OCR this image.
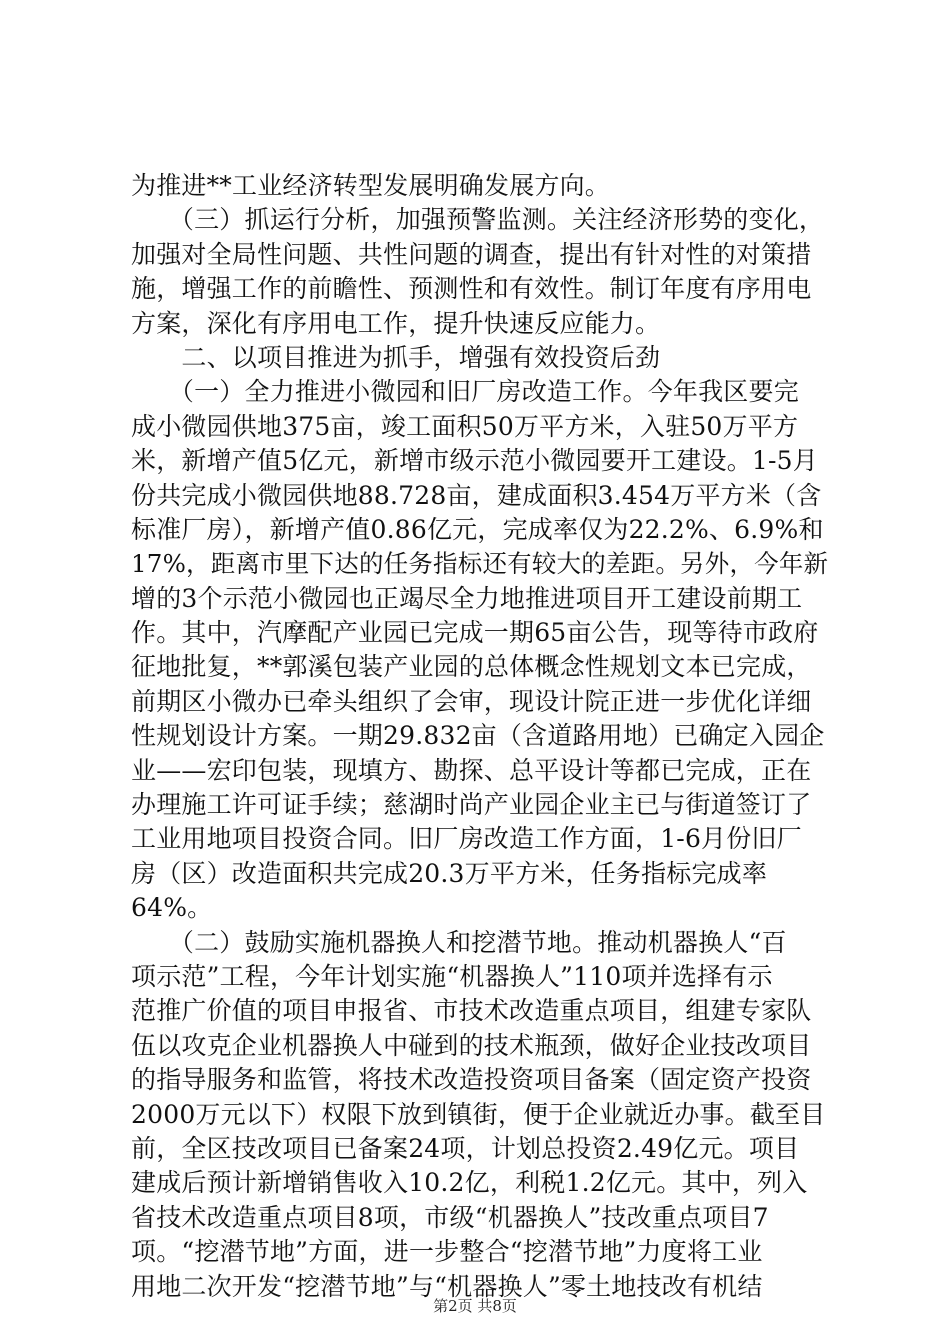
为推进**工业经济转型发展明确发展方向。
　　（三）抓运行分析，加强预警监测。关注经济形势的变化，
加强对全局性问题、共性问题的调查，提出有针对性的对策措
施，增强工作的前瞻性、预测性和有效性。制订年度有序用电
方案，深化有序用电工作，提升快速反应能力。
　　二、以项目推进为抓手，增强有效投资后劲
　　（一）全力推进小微园和旧厂房改造工作。今年我区要完
成小微园供地375亩，竣工面积50万平方米，入驻50万平方
米，新增产值5亿元，新增市级示范小微园要开工建设。1-5月
份共完成小微园供地88.728亩，建成面积3.454万平方米（含
标准厂房），新增产值0.86亿元，完成率仅为22.2%、6.9%和
17%，距离市里下达的任务指标还有较大的差距。另外，今年新
增的3个示范小微园也正竭尽全力地推进项目开工建设前期工
作。其中，汽摩配产业园已完成一期65亩公告，现等待市政府
征地批复，**郭溪包装产业园的总体概念性规划文本已完成，
前期区小微办已牵头组织了会审，现设计院正进一步优化详细
性规划设计方案。一期29.832亩（含道路用地）已确定入园企
业——宏印包装，现填方、勘探、总平设计等都已完成，正在
办理施工许可证手续；慈湖时尚产业园企业主已与街道签订了
工业用地项目投资合同。旧厂房改造工作方面，1-6月份旧厂
房（区）改造面积共完成20.3万平方米，任务指标完成率
64%。
　　（二）鼓励实施机器换人和挖潜节地。推动机器换人“百
项示范”工程，今年计划实施“机器换人”110项并选择有示
范推广价值的项目申报省、市技术改造重点项目，组建专家队
伍以攻克企业机器换人中碰到的技术瓶颈，做好企业技改项目
的指导服务和监管，将技术改造投资项目备案（固定资产投资
2000万元以下）权限下放到镇街，便于企业就近办事。截至目
前，全区技改项目已备案24项，计划总投资2.49亿元。项目
建成后预计新增销售收入10.2亿，利税1.2亿元。其中，列入
省技术改造重点项目8项，市级“机器换人”技改重点项目7
项。“挖潜节地”方面，进一步整合“挖潜节地”力度将工业
用地二次开发“挖潜节地”与“机器换人”零土地技改有机结
第2页 共8页
